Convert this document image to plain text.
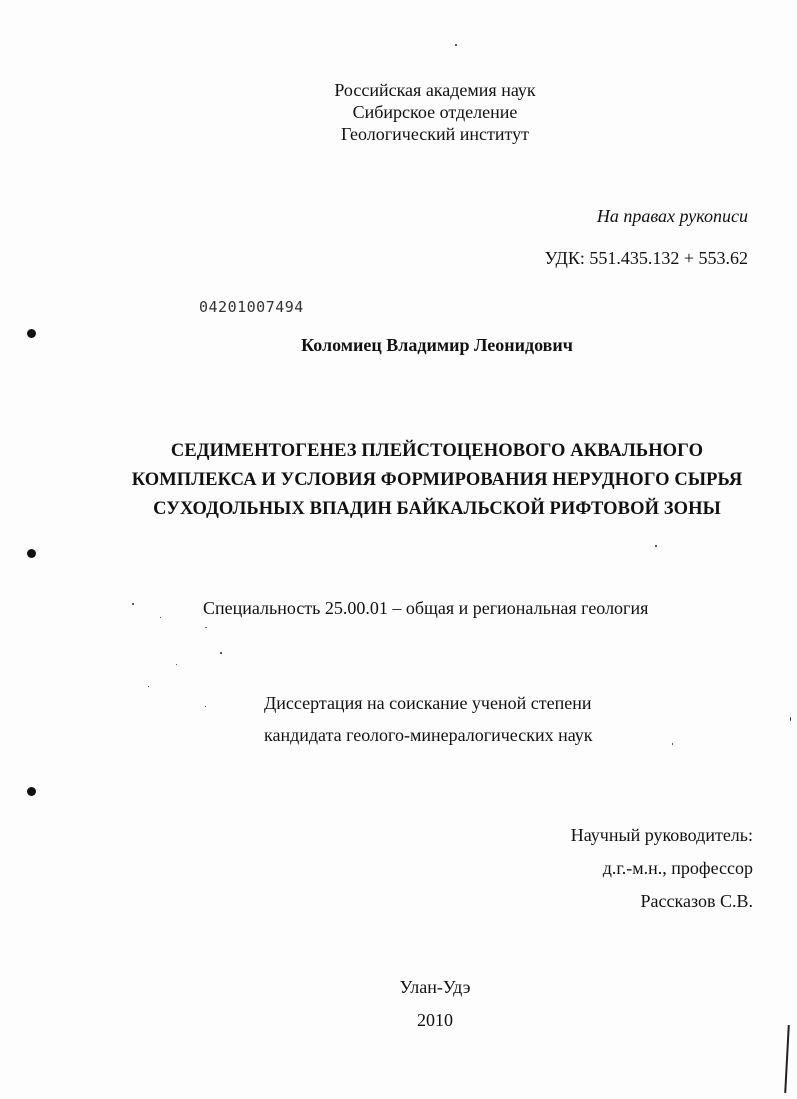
Российская академия наук
Сибирское отделение
Геологический институт
На правах рукописи
УДК: 551.435.132 + 553.62
04201007494
Коломиец Владимир Леонидович
СЕДИМЕНТОГЕНЕЗ ПЛЕЙСТОЦЕНОВОГО АКВАЛЬНОГО
КОМПЛЕКСА И УСЛОВИЯ ФОРМИРОВАНИЯ НЕРУДНОГО СЫРЬЯ
СУХОДОЛЬНЫХ ВПАДИН БАЙКАЛЬСКОЙ РИФТОВОЙ ЗОНЫ
Специальность 25.00.01 – общая и региональная геология
Диссертация на соискание ученой степени
кандидата геолого-минералогических наук
Научный руководитель:
д.г.-м.н., профессор
Рассказов С.В.
Улан-Удэ
2010
